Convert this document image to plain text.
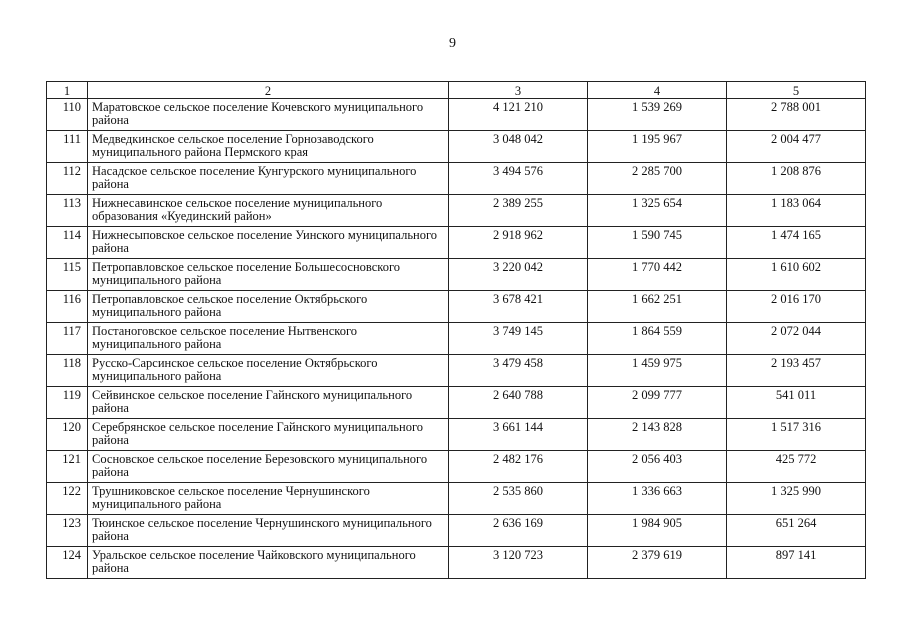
9
1	2	3	4	5
110	Маратовское сельское поселение Кочевского муниципального района	4 121 210	1 539 269	2 788 001
111	Медведкинское сельское поселение Горнозаводского муниципального района Пермского края	3 048 042	1 195 967	2 004 477
112	Насадское сельское поселение Кунгурского муниципального района	3 494 576	2 285 700	1 208 876
113	Нижнесавинское сельское поселение муниципального образования «Куединский район»	2 389 255	1 325 654	1 183 064
114	Нижнесыповское сельское поселение Уинского муниципального района	2 918 962	1 590 745	1 474 165
115	Петропавловское сельское поселение Большесосновского муниципального района	3 220 042	1 770 442	1 610 602
116	Петропавловское сельское поселение Октябрьского муниципального района	3 678 421	1 662 251	2 016 170
117	Постаноговское сельское поселение Нытвенского муниципального района	3 749 145	1 864 559	2 072 044
118	Русско-Сарсинское сельское поселение Октябрьского муниципального района	3 479 458	1 459 975	2 193 457
119	Сейвинское сельское поселение Гайнского муниципального района	2 640 788	2 099 777	541 011
120	Серебрянское сельское поселение Гайнского муниципального района	3 661 144	2 143 828	1 517 316
121	Сосновское сельское поселение Березовского муниципального района	2 482 176	2 056 403	425 772
122	Трушниковское сельское поселение Чернушинского муниципального района	2 535 860	1 336 663	1 325 990
123	Тюинское сельское поселение Чернушинского муниципального района	2 636 169	1 984 905	651 264
124	Уральское сельское поселение Чайковского муниципального района	3 120 723	2 379 619	897 141
